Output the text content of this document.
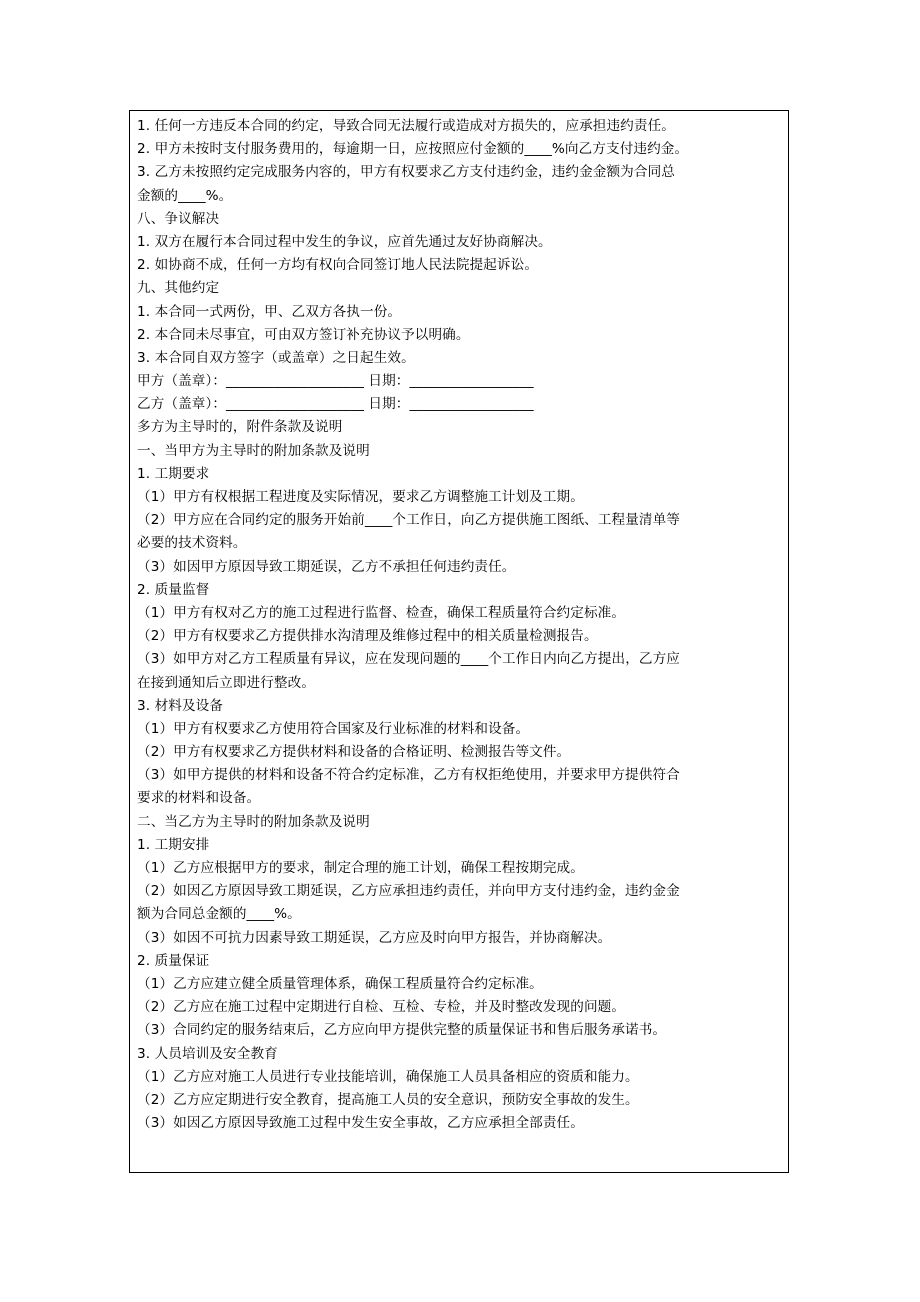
1. 任何一方违反本合同的约定，导致合同无法履行或造成对方损失的，应承担违约责任。
2. 甲方未按时支付服务费用的，每逾期一日，应按照应付金额的____%向乙方支付违约金。
3. 乙方未按照约定完成服务内容的，甲方有权要求乙方支付违约金，违约金金额为合同总
金额的____%。
八、争议解决
1. 双方在履行本合同过程中发生的争议，应首先通过友好协商解决。
2. 如协商不成，任何一方均有权向合同签订地人民法院提起诉讼。
九、其他约定
1. 本合同一式两份，甲、乙双方各执一份。
2. 本合同未尽事宜，可由双方签订补充协议予以明确。
3. 本合同自双方签字（或盖章）之日起生效。
甲方（盖章）：____________________ 日期：__________________
乙方（盖章）：____________________ 日期：__________________
多方为主导时的，附件条款及说明
一、当甲方为主导时的附加条款及说明
1. 工期要求
（1）甲方有权根据工程进度及实际情况，要求乙方调整施工计划及工期。
（2）甲方应在合同约定的服务开始前____个工作日，向乙方提供施工图纸、工程量清单等
必要的技术资料。
（3）如因甲方原因导致工期延误，乙方不承担任何违约责任。
2. 质量监督
（1）甲方有权对乙方的施工过程进行监督、检查，确保工程质量符合约定标准。
（2）甲方有权要求乙方提供排水沟清理及维修过程中的相关质量检测报告。
（3）如甲方对乙方工程质量有异议，应在发现问题的____个工作日内向乙方提出，乙方应
在接到通知后立即进行整改。
3. 材料及设备
（1）甲方有权要求乙方使用符合国家及行业标准的材料和设备。
（2）甲方有权要求乙方提供材料和设备的合格证明、检测报告等文件。
（3）如甲方提供的材料和设备不符合约定标准，乙方有权拒绝使用，并要求甲方提供符合
要求的材料和设备。
二、当乙方为主导时的附加条款及说明
1. 工期安排
（1）乙方应根据甲方的要求，制定合理的施工计划，确保工程按期完成。
（2）如因乙方原因导致工期延误，乙方应承担违约责任，并向甲方支付违约金，违约金金
额为合同总金额的____%。
（3）如因不可抗力因素导致工期延误，乙方应及时向甲方报告，并协商解决。
2. 质量保证
（1）乙方应建立健全质量管理体系，确保工程质量符合约定标准。
（2）乙方应在施工过程中定期进行自检、互检、专检，并及时整改发现的问题。
（3）合同约定的服务结束后，乙方应向甲方提供完整的质量保证书和售后服务承诺书。
3. 人员培训及安全教育
（1）乙方应对施工人员进行专业技能培训，确保施工人员具备相应的资质和能力。
（2）乙方应定期进行安全教育，提高施工人员的安全意识，预防安全事故的发生。
（3）如因乙方原因导致施工过程中发生安全事故，乙方应承担全部责任。
